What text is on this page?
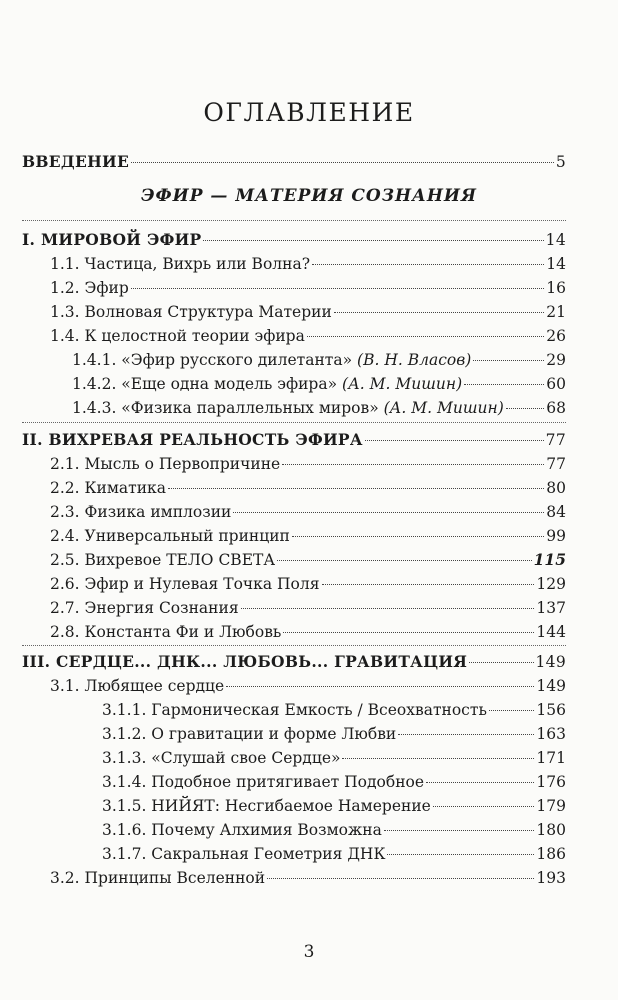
ОГЛАВЛЕНИЕ
ВВЕДЕНИЕ	5
ЭФИР — МАТЕРИЯ СОЗНАНИЯ
I. МИРОВОЙ ЭФИР	14
1.1. Частица, Вихрь или Волна?	14
1.2. Эфир	16
1.3. Волновая Структура Материи	21
1.4. К целостной теории эфира	26
1.4.1. «Эфир русского дилетанта» (В. Н. Власов)	29
1.4.2. «Еще одна модель эфира» (А. М. Мишин)	60
1.4.3. «Физика параллельных миров» (А. М. Мишин)	68
II. ВИХРЕВАЯ РЕАЛЬНОСТЬ ЭФИРА	77
2.1. Мысль о Первопричине	77
2.2. Киматика	80
2.3. Физика имплозии	84
2.4. Универсальный принцип	99
2.5. Вихревое ТЕЛО СВЕТА	115
2.6. Эфир и Нулевая Точка Поля	129
2.7. Энергия Сознания	137
2.8. Константа Фи и Любовь	144
III. СЕРДЦЕ... ДНК... ЛЮБОВЬ... ГРАВИТАЦИЯ	149
3.1. Любящее сердце	149
3.1.1. Гармоническая Емкость / Всеохватность	156
3.1.2. О гравитации и форме Любви	163
3.1.3. «Слушай свое Сердце»	171
3.1.4. Подобное притягивает Подобное	176
3.1.5. НИЙЯТ: Несгибаемое Намерение	179
3.1.6. Почему Алхимия Возможна	180
3.1.7. Сакральная Геометрия ДНК	186
3.2. Принципы Вселенной	193
3
